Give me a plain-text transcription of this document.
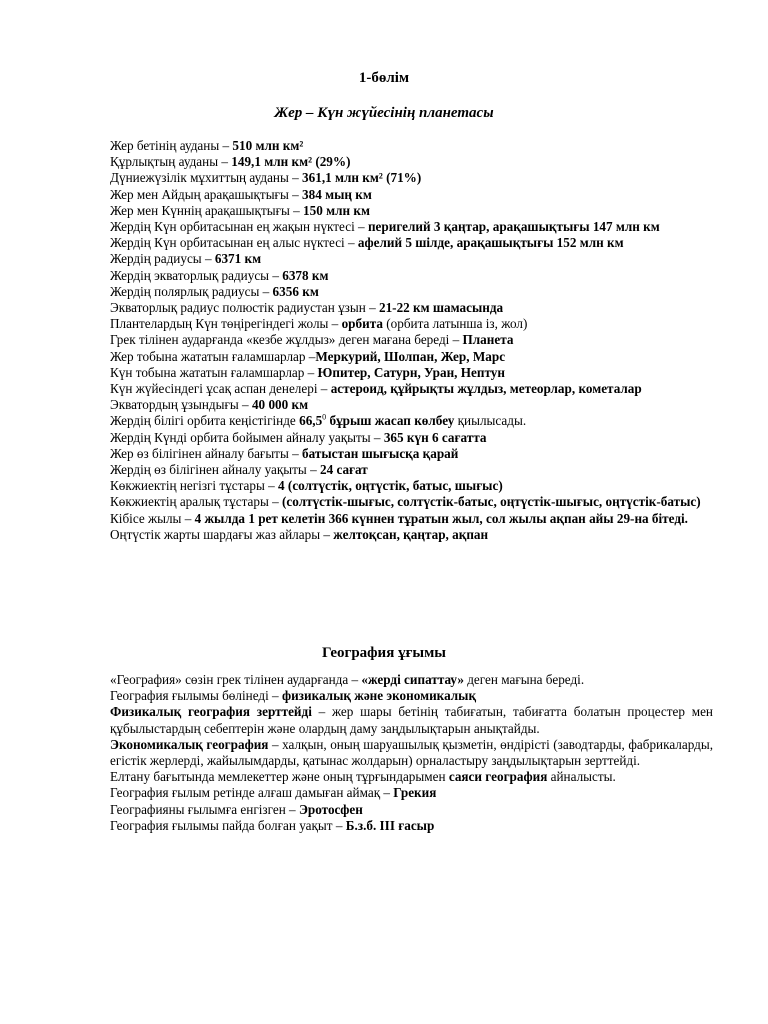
1-бөлім
Жер – Күн жүйесінің планетасы

Жер бетінің ауданы – 510 млн км²

Құрлықтың ауданы – 149,1 млн км² (29%)

Дүниежүзілік мұхиттың ауданы – 361,1 млн км² (71%)

Жер мен Айдың арақашықтығы – 384 мың км

Жер мен Күннің арақашықтығы – 150 млн км

Жердің Күн орбитасынан ең жақын нүктесі – перигелий 3 қаңтар, арақашықтығы 147 млн км

Жердің Күн орбитасынан ең алыс нүктесі – афелий 5 шілде, арақашықтығы 152 млн км

Жердің радиусы – 6371 км

Жердің экваторлық радиусы – 6378 км

Жердің полярлық радиусы – 6356 км

Экваторлық радиус полюстік радиустан ұзын – 21-22 км шамасында

Плантелардың Күн төңірегіндегі жолы – орбита (орбита латынша із, жол)

Грек тілінен аударғанда «кезбе жұлдыз» деген мағана береді – Планета

Жер тобына жататын ғаламшарлар –Меркурий, Шолпан, Жер, Марс

Күн тобына жататын ғаламшарлар – Юпитер, Сатурн, Уран, Нептун

Күн жүйесіндегі ұсақ аспан денелері – астероид, құйрықты жұлдыз, метеорлар, кометалар

Экватордың ұзындығы – 40 000 км

Жердің білігі орбита кеңістігінде 66,5$^0$ бұрыш жасап көлбеу қиылысады.

Жердің Күнді орбита бойымен айналу уақыты – 365 күн 6 сағатта

Жер өз білігінен айналу бағыты – батыстан шығысқа қарай

Жердің өз білігінен айналу уақыты – 24 сағат

Көкжиектің негізгі тұстары – 4 (солтүстік, оңтүстік, батыс, шығыс)

Көкжиектің аралық тұстары – (солтүстік-шығыс, солтүстік-батыс, оңтүстік-шығыс, оңтүстік-батыс)

Кібісе жылы – 4 жылда 1 рет келетін 366 күннен тұратын жыл, сол жылы ақпан айы 29-на бітеді.

Оңтүстік жарты шардағы жаз айлары – желтоқсан, қаңтар, ақпан

География ұғымы

«География» сөзін грек тілінен аударғанда – «жерді сипаттау» деген мағына береді.

География ғылымы бөлінеді – физикалық және экономикалық

Физикалық география зерттейді – жер шары бетінің табиғатын, табиғатта болатын процестер мен құбылыстардың себептерін және олардың даму заңдылықтарын анықтайды.

Экономикалық география – халқын, оның шаруашылық қызметін, өндірісті (заводтарды, фабрикаларды, егістік жерлерді, жайылымдарды, қатынас жолдарын) орналастыру заңдылықтарын зерттейді.

Елтану бағытында мемлекеттер және оның тұрғындарымен саяси география айналысты.

География ғылым ретінде алғаш дамыған аймақ – Грекия

Географияны ғылымға енгізген – Эротосфен

География ғылымы пайда болған уақыт – Б.з.б. III ғасыр
